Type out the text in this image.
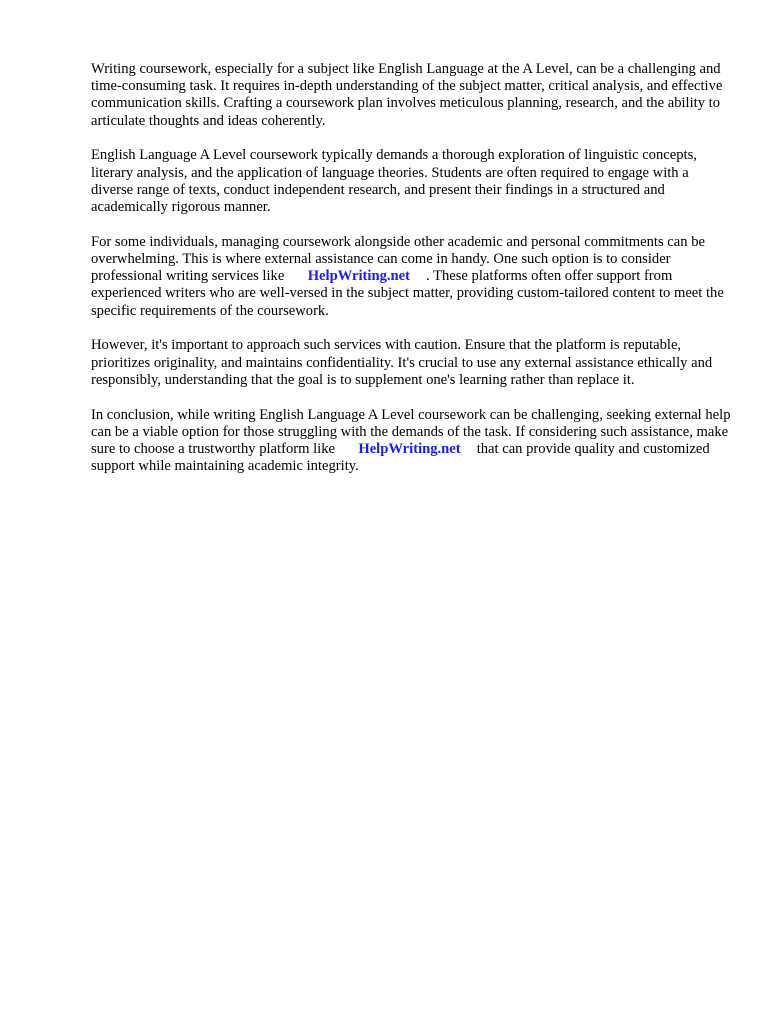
Writing coursework, especially for a subject like English Language at the A Level, can be a challenging and time-consuming task. It requires in-depth understanding of the subject matter, critical analysis, and effective communication skills. Crafting a coursework plan involves meticulous planning, research, and the ability to articulate thoughts and ideas coherently.

English Language A Level coursework typically demands a thorough exploration of linguistic concepts, literary analysis, and the application of language theories. Students are often required to engage with a diverse range of texts, conduct independent research, and present their findings in a structured and academically rigorous manner.

For some individuals, managing coursework alongside other academic and personal commitments can be overwhelming. This is where external assistance can come in handy. One such option is to consider professional writing services like HelpWriting.net . These platforms often offer support from experienced writers who are well-versed in the subject matter, providing custom-tailored content to meet the specific requirements of the coursework.

However, it's important to approach such services with caution. Ensure that the platform is reputable, prioritizes originality, and maintains confidentiality. It's crucial to use any external assistance ethically and responsibly, understanding that the goal is to supplement one's learning rather than replace it.

In conclusion, while writing English Language A Level coursework can be challenging, seeking external help can be a viable option for those struggling with the demands of the task. If considering such assistance, make sure to choose a trustworthy platform like HelpWriting.net that can provide quality and customized support while maintaining academic integrity.
